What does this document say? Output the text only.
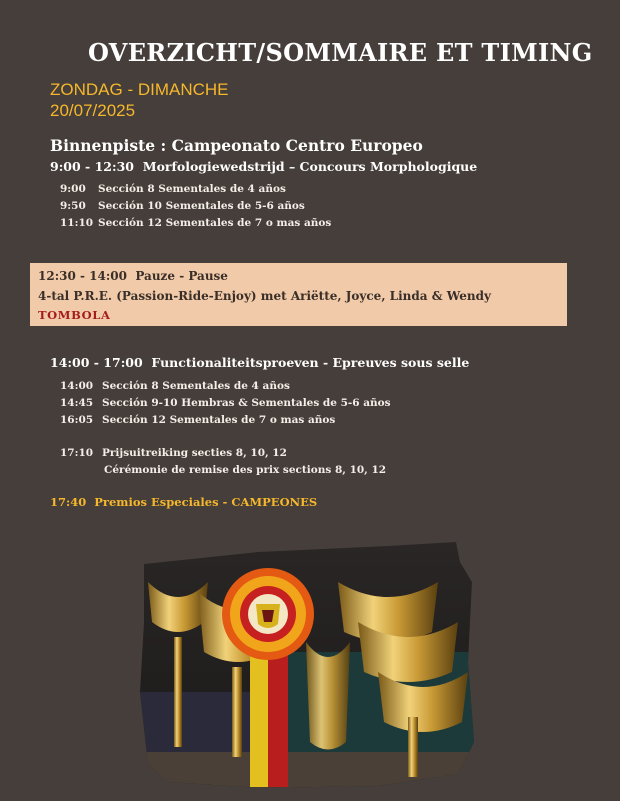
OVERZICHT/SOMMAIRE ET TIMING
ZONDAG - DIMANCHE
20/07/2025
Binnenpiste : Campeonato Centro Europeo
9:00 - 12:30 Morfologiewedstrijd – Concours Morphologique
9:00	Sección 8 Sementales de 4 años
9:50	Sección 10 Sementales de 5-6 años
11:10 Sección 12 Sementales de 7 o mas años
12:30 - 14:00 Pauze - Pause
4-tal P.R.E. (Passion-Ride-Enjoy) met Ariëtte, Joyce, Linda & Wendy
TOMBOLA
14:00 - 17:00 Functionaliteitsproeven - Epreuves sous selle
14:00 Sección 8 Sementales de 4 años
14:45 Sección 9-10 Hembras & Sementales de 5-6 años
16:05 Sección 12 Sementales de 7 o mas años
17:10 Prijsuitreiking secties 8, 10, 12
Cérémonie de remise des prix sections 8, 10, 12
17:40 Premios Especiales - CAMPEONES
